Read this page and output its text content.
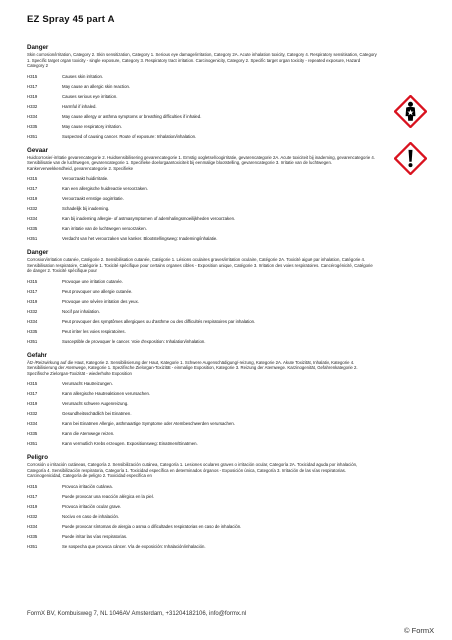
EZ Spray 45 part A
Danger
Skin corrosion/irritation, Category 2. Skin sensitization, Category 1. Serious eye damage/irritation, Category 2A. Acute inhalation toxicity, Category 4. Respiratory sensitisation, Category 1. Specific target organ toxicity - single exposure, Category 3. Respiratory tract irritation. Carcinogenicity, Category 2. Specific target organ toxicity - repeated exposure, Hazard Category 2
H315	Causes skin irritation.
H317	May cause an allergic skin reaction.
H319	Causes serious eye irritation.
H332	Harmful if inhaled.
H334	May cause allergy or asthma symptoms or breathing difficulties if inhaled.
H335	May cause respiratory irritation.
H351	Suspected of causing cancer. Route of exposure: Inhalation/inhalation.
Gevaar
Huidcorrosie/-irritatie gevarencategorie 2. Huidsensibilisering gevarencategorie 1. Ernstig oogletsel/oogirritatie, gevarencategorie 2A. Acute toxiciteit bij inademing, gevarencategorie 4. Sensibilisatie van de luchtwegen, gevarencategorie 1. Specifieke doelorgaantoxiciteit bij eenmalige blootstelling, gevarencategorie 3. Irritatie van de luchtwegen. Kankerverwekkendheid, gevarencategorie 2. Specifieke
H315	Veroorzaakt huidirritatie.
H317	Kan een allergische huidreactie veroorzaken.
H319	Veroorzaakt ernstige oogirritatie.
H332	Schadelijk bij inademing.
H334	Kan bij inademing allergie- of astmasymptomen of ademhalingsmoeilijkheden veroorzaken.
H335	Kan irritatie van de luchtwegen veroorzaken.
H351	Verdacht van het veroorzaken van kanker. Blootstellingsweg: Inademing/inhalatie.
Danger
Corrosion/irritation cutanée, Catégorie 2. Sensibilisation cutanée, Catégorie 1. Lésions oculaires graves/irritation oculaire, Catégorie 2A. Toxicité aiguë par inhalation, Catégorie 4. Sensibilisation respiratoire, Catégorie 1. Toxicité spécifique pour certains organes cibles - Exposition unique, Catégorie 3. Irritation des voies respiratoires. Cancérogénicité, Catégorie de danger 2. Toxicité spécifique pour
H315	Provoque une irritation cutanée.
H317	Peut provoquer une allergie cutanée.
H319	Provoque une sévère irritation des yeux.
H332	Nocif par inhalation.
H334	Peut provoquer des symptômes allergiques ou d'asthme ou des difficultés respiratoires par inhalation.
H335	Peut irriter les voies respiratoires.
H351	Susceptible de provoquer le cancer. Voie d'exposition: Inhalation/inhalation.
Gefahr
Ätz-/Reizwirkung auf die Haut, Kategorie 2. Sensibilisierung der Haut, Kategorie 1. Schwere Augenschädigung/-reizung, Kategorie 2A. Akute Toxizität, Inhalativ, Kategorie 4. Sensibilisierung der Atemwege, Kategorie 1. Spezifische Zielorgan-Toxizität - einmalige Exposition, Kategorie 3. Reizung der Atemwege. Karzinogenität, Gefahrenkategorie 2. Spezifische Zielorgan-Toxizität - wiederholte Exposition
H315	Verursacht Hautreizungen.
H317	Kann allergische Hautreaktionen verursachen.
H319	Verursacht schwere Augenreizung.
H332	Gesundheitsschädlich bei Einatmen.
H334	Kann bei Einatmen Allergie, asthmaartige Symptome oder Atembeschwerden verursachen.
H335	Kann die Atemwege reizen.
H351	Kann vermutlich Krebs erzeugen. Expositionsweg: Einatmen/Einatmen.
Peligro
Corrosión o irritación cutáneas, Categoría 2. Sensibilización cutánea, Categoría 1. Lesiones oculares graves o irritación ocular, Categoría 2A. Toxicidad aguda por inhalación, Categoría 4. Sensibilización respiratoria, Categoría 1. Toxicidad específica en determinados órganos - Exposición única, Categoría 3. Irritación de las vías respiratorias. Carcinogenicidad, Categoría de peligro 2. Toxicidad específica en
H315	Provoca irritación cutánea.
H317	Puede provocar una reacción alérgica en la piel.
H319	Provoca irritación ocular grave.
H332	Nocivo en caso de inhalación.
H334	Puede provocar síntomas de alergia o asma o dificultades respiratorias en caso de inhalación.
H335	Puede irritar las vías respiratorias.
H351	Se sospecha que provoca cáncer. Vía de exposición: Inhalación/inhalación.

FormX BV, Kombuisweg 7, NL 1046AV Amsterdam, +31204182106, info@formx.nl
© FormX
